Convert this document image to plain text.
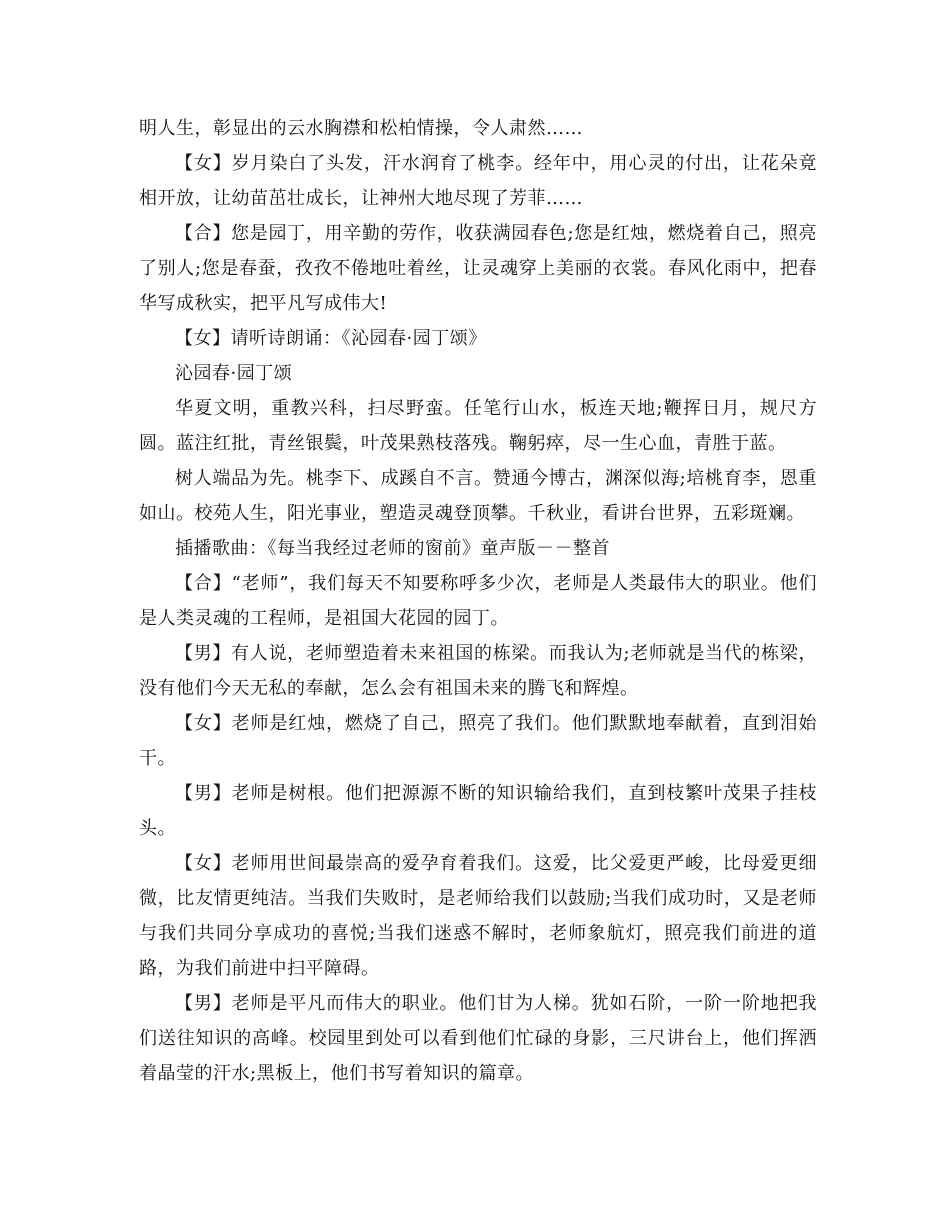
明人生，彰显出的云水胸襟和松柏情操，令人肃然……

【女】岁月染白了头发，汗水润育了桃李。经年中，用心灵的付出，让花朵竟相开放，让幼苗茁壮成长，让神州大地尽现了芳菲……

【合】您是园丁，用辛勤的劳作，收获满园春色;您是红烛，燃烧着自己，照亮了别人;您是春蚕，孜孜不倦地吐着丝，让灵魂穿上美丽的衣裳。春风化雨中，把春华写成秋实，把平凡写成伟大!

【女】请听诗朗诵：《沁园春·园丁颂》

沁园春·园丁颂

华夏文明，重教兴科，扫尽野蛮。任笔行山水，板连天地;鞭挥日月，规尺方圆。蓝注红批，青丝银鬓，叶茂果熟枝落残。鞠躬瘁，尽一生心血，青胜于蓝。

树人端品为先。桃李下、成蹊自不言。赞通今博古，渊深似海;培桃育李，恩重如山。校苑人生，阳光事业，塑造灵魂登顶攀。千秋业，看讲台世界，五彩斑斓。

插播歌曲：《每当我经过老师的窗前》童声版－－整首

【合】“老师”，我们每天不知要称呼多少次，老师是人类最伟大的职业。他们是人类灵魂的工程师，是祖国大花园的园丁。

【男】有人说，老师塑造着未来祖国的栋梁。而我认为;老师就是当代的栋梁，没有他们今天无私的奉献，怎么会有祖国未来的腾飞和辉煌。

【女】老师是红烛，燃烧了自己，照亮了我们。他们默默地奉献着，直到泪始干。

【男】老师是树根。他们把源源不断的知识输给我们，直到枝繁叶茂果子挂枝头。

【女】老师用世间最崇高的爱孕育着我们。这爱，比父爱更严峻，比母爱更细微，比友情更纯洁。当我们失败时，是老师给我们以鼓励;当我们成功时，又是老师与我们共同分享成功的喜悦;当我们迷惑不解时，老师象航灯，照亮我们前进的道路，为我们前进中扫平障碍。

【男】老师是平凡而伟大的职业。他们甘为人梯。犹如石阶，一阶一阶地把我们送往知识的高峰。校园里到处可以看到他们忙碌的身影，三尺讲台上，他们挥洒着晶莹的汗水;黑板上，他们书写着知识的篇章。
